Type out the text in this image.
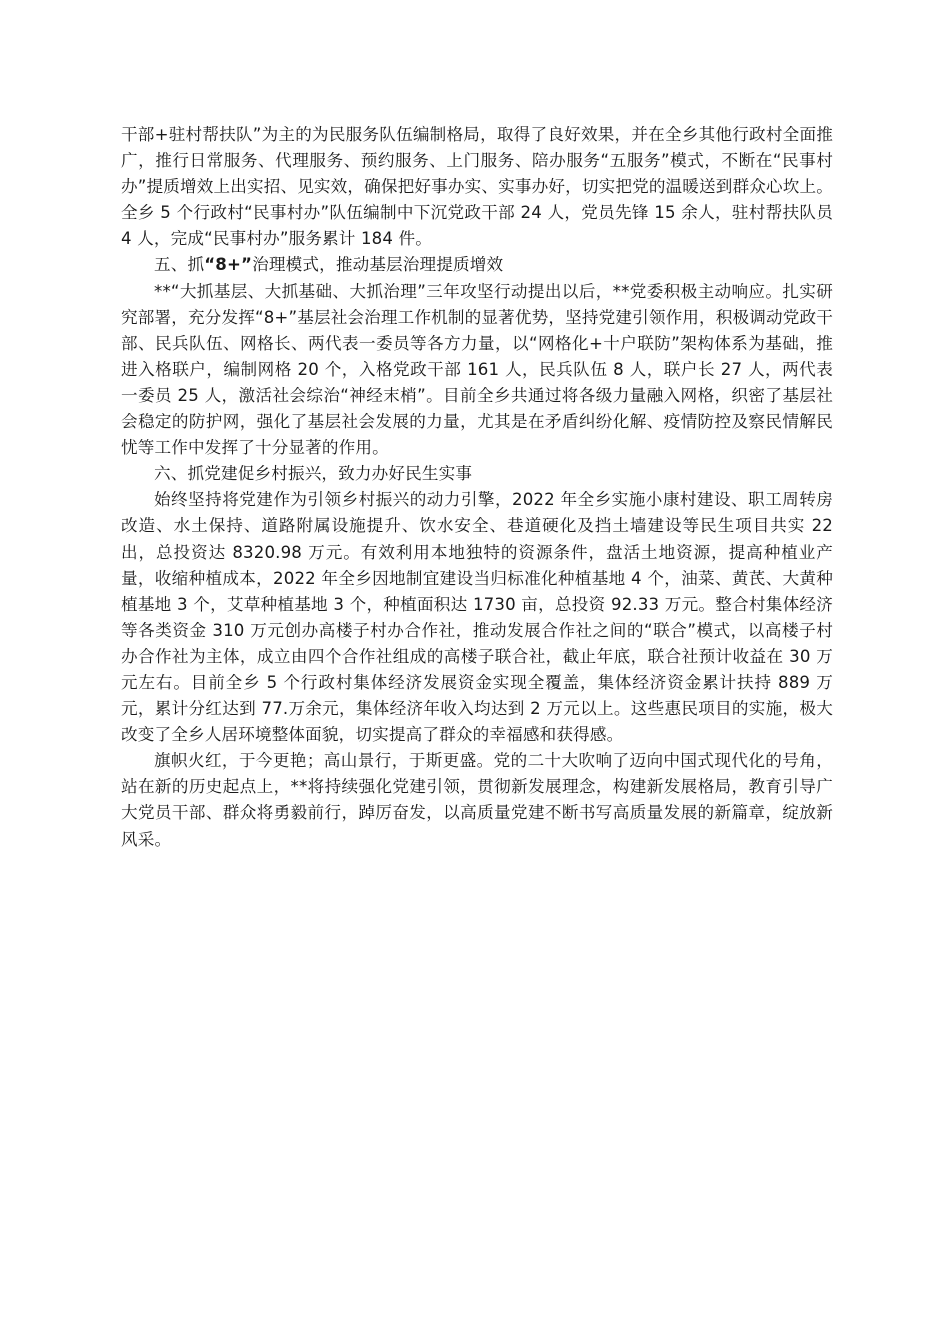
干部+驻村帮扶队”为主的为民服务队伍编制格局，取得了良好效果，并在全乡其他行政村全面推广，推行日常服务、代理服务、预约服务、上门服务、陪办服务“五服务”模式，不断在“民事村办”提质增效上出实招、见实效，确保把好事办实、实事办好，切实把党的温暖送到群众心坎上。全乡 5 个行政村“民事村办”队伍编制中下沉党政干部 24 人，党员先锋 15 余人，驻村帮扶队员 4 人，完成“民事村办”服务累计 184 件。

五、抓“8+”治理模式，推动基层治理提质增效

**“大抓基层、大抓基础、大抓治理”三年攻坚行动提出以后，**党委积极主动响应。扎实研究部署，充分发挥“8+”基层社会治理工作机制的显著优势，坚持党建引领作用，积极调动党政干部、民兵队伍、网格长、两代表一委员等各方力量，以“网格化+十户联防”架构体系为基础，推进入格联户，编制网格 20 个，入格党政干部 161 人，民兵队伍 8 人，联户长 27 人，两代表一委员 25 人，激活社会综治“神经末梢”。目前全乡共通过将各级力量融入网格，织密了基层社会稳定的防护网，强化了基层社会发展的力量，尤其是在矛盾纠纷化解、疫情防控及察民情解民忧等工作中发挥了十分显著的作用。

六、抓党建促乡村振兴，致力办好民生实事

始终坚持将党建作为引领乡村振兴的动力引擎，2022 年全乡实施小康村建设、职工周转房改造、水土保持、道路附属设施提升、饮水安全、巷道硬化及挡土墙建设等民生项目共实 22 出，总投资达 8320.98 万元。有效利用本地独特的资源条件，盘活土地资源，提高种植业产量，收缩种植成本，2022 年全乡因地制宜建设当归标准化种植基地 4 个，油菜、黄芪、大黄种植基地 3 个，艾草种植基地 3 个，种植面积达 1730 亩，总投资 92.33 万元。整合村集体经济等各类资金 310 万元创办高楼子村办合作社，推动发展合作社之间的“联合”模式，以高楼子村办合作社为主体，成立由四个合作社组成的高楼子联合社，截止年底，联合社预计收益在 30 万元左右。目前全乡 5 个行政村集体经济发展资金实现全覆盖，集体经济资金累计扶持 889 万元，累计分红达到 77.万余元，集体经济年收入均达到 2 万元以上。这些惠民项目的实施，极大改变了全乡人居环境整体面貌，切实提高了群众的幸福感和获得感。

旗帜火红，于今更艳；高山景行，于斯更盛。党的二十大吹响了迈向中国式现代化的号角，站在新的历史起点上，**将持续强化党建引领，贯彻新发展理念，构建新发展格局，教育引导广大党员干部、群众将勇毅前行，踔厉奋发，以高质量党建不断书写高质量发展的新篇章，绽放新风采。
